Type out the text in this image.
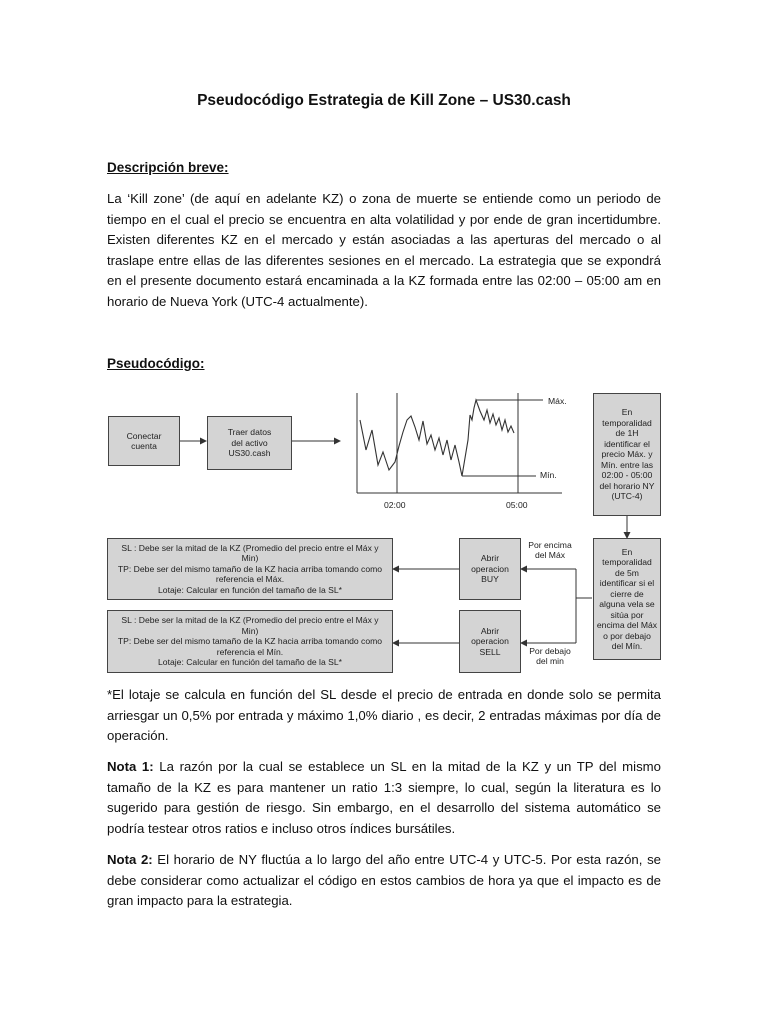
Pseudocódigo Estrategia de Kill Zone – US30.cash
Descripción breve:

La ‘Kill zone’ (de aquí en adelante KZ) o zona de muerte se entiende como un periodo de tiempo en el cual el precio se encuentra en alta volatilidad y por ende de gran incertidumbre. Existen diferentes KZ en el mercado y están asociadas a las aperturas del mercado o al traslape entre ellas de las diferentes sesiones en el mercado. La estrategia que se expondrá en el presente documento estará encaminada a la KZ formada entre las 02:00 – 05:00 am en horario de Nueva York (UTC-4 actualmente).

Pseudocódigo:
Conectar
cuenta
Traer datos
del activo
US30.cash
Máx.
Mín.
02:00	05:00
En
temporalidad
de 1H
identificar el
precio Máx. y
Mín. entre las
02:00 - 05:00
del horario NY
(UTC-4)
En
temporalidad
de 5m
identificar si el
cierre de
alguna vela se
sitúa por
encima del Máx
o por debajo
del Mín.
Abrir
operacion
BUY
Abrir
operacion
SELL
Por encima
del Máx
Por debajo
del min
SL : Debe ser la mitad de la KZ (Promedio del precio entre el Máx y
Min)
TP: Debe ser del mismo tamaño de la KZ hacia arriba tomando como
referencia el Máx.
Lotaje: Calcular en función del tamaño de la SL*
SL : Debe ser la mitad de la KZ (Promedio del precio entre el Máx y
Min)
TP: Debe ser del mismo tamaño de la KZ hacia arriba tomando como
referencia el Mín.
Lotaje: Calcular en función del tamaño de la SL*

*El lotaje se calcula en función del SL desde el precio de entrada en donde solo se permita arriesgar un 0,5% por entrada y máximo 1,0% diario , es decir, 2 entradas máximas por día de operación.

Nota 1: La razón por la cual se establece un SL en la mitad de la KZ y un TP del mismo tamaño de la KZ es para mantener un ratio 1:3 siempre, lo cual, según la literatura es lo sugerido para gestión de riesgo. Sin embargo, en el desarrollo del sistema automático se podría testear otros ratios e incluso otros índices bursátiles.

Nota 2: El horario de NY fluctúa a lo largo del año entre UTC-4 y UTC-5. Por esta razón, se debe considerar como actualizar el código en estos cambios de hora ya que el impacto es de gran impacto para la estrategia.
